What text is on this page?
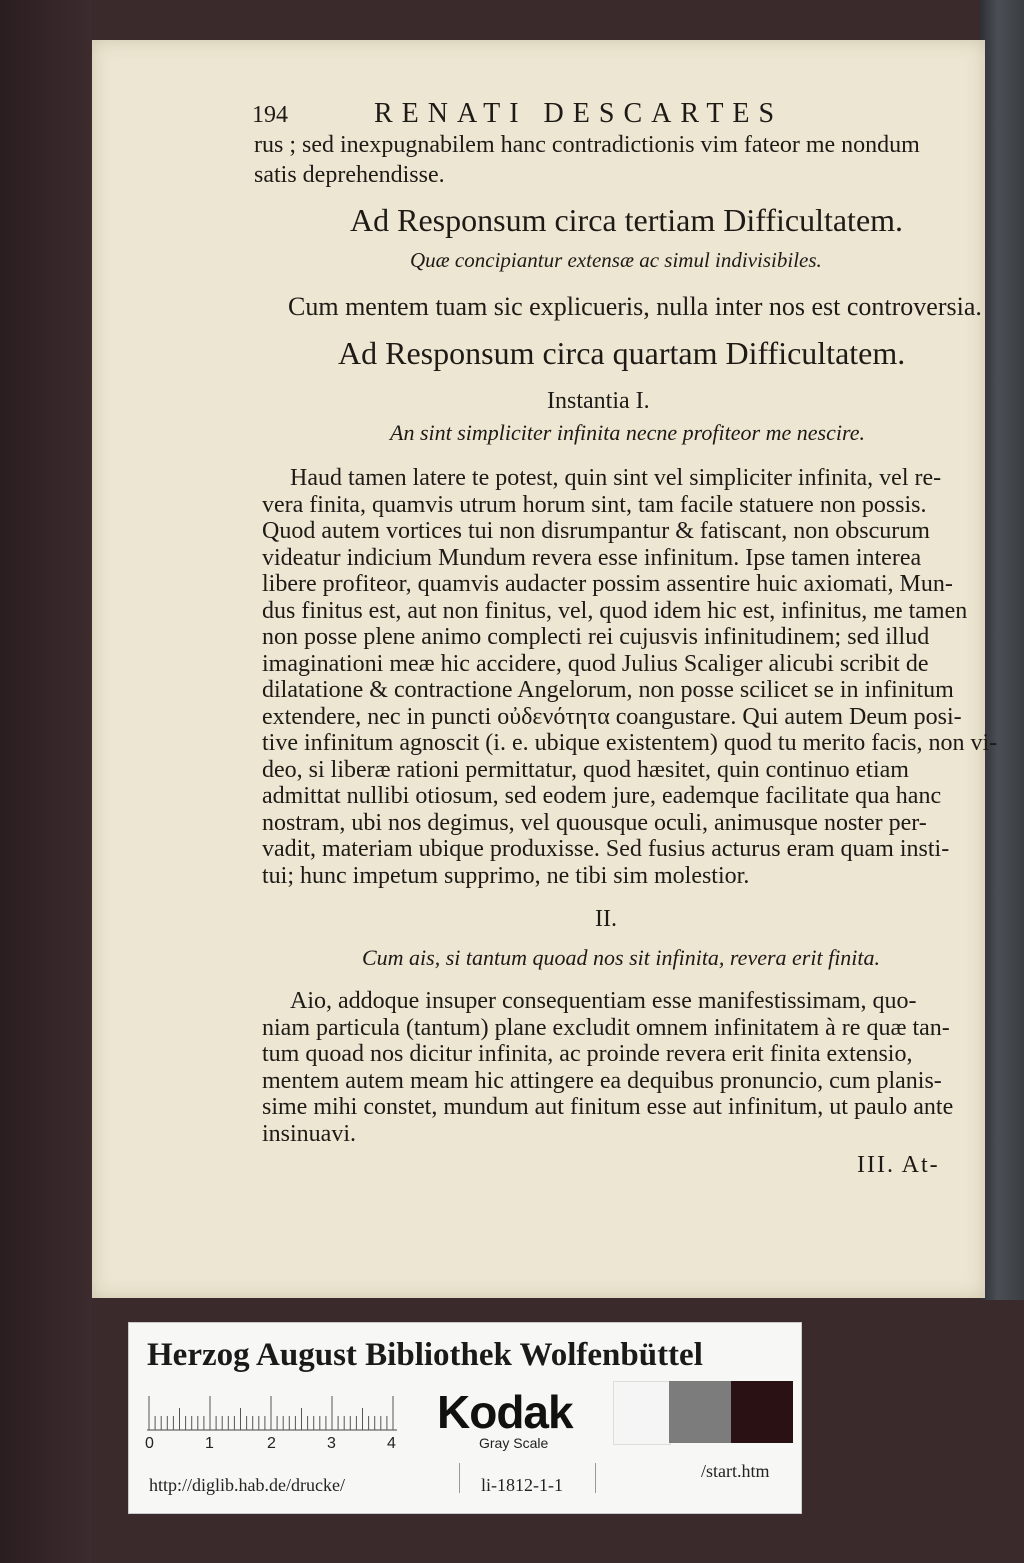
194	RENATI DESCARTES
rus ; sed inexpugnabilem hanc contradictionis vim fateor me nondum
satis deprehendisse.
Ad Responsum circa tertiam Difficultatem.
Quæ concipiantur extensæ ac simul indivisibiles.
Cum mentem tuam sic explicueris, nulla inter nos est controversia.
Ad Responsum circa quartam Difficultatem.
Instantia I.
An sint simpliciter infinita necne profiteor me nescire.
Haud tamen latere te potest, quin sint vel simpliciter infinita, vel re-
vera finita, quamvis utrum horum sint, tam facile statuere non possis.
Quod autem vortices tui non disrumpantur & fatiscant, non obscurum
videatur indicium Mundum revera esse infinitum. Ipse tamen interea
libere profiteor, quamvis audacter possim assentire huic axiomati, Mun-
dus finitus est, aut non finitus, vel, quod idem hic est, infinitus, me tamen
non posse plene animo complecti rei cujusvis infinitudinem; sed illud
imaginationi meæ hic accidere, quod Julius Scaliger alicubi scribit de
dilatatione & contractione Angelorum, non posse scilicet se in infinitum
extendere, nec in puncti οὐδενότητα coangustare. Qui autem Deum posi-
tive infinitum agnoscit (i. e. ubique existentem) quod tu merito facis, non vi-
deo, si liberæ rationi permittatur, quod hæsitet, quin continuo etiam
admittat nullibi otiosum, sed eodem jure, eademque facilitate qua hanc
nostram, ubi nos degimus, vel quousque oculi, animusque noster per-
vadit, materiam ubique produxisse. Sed fusius acturus eram quam insti-
tui; hunc impetum supprimo, ne tibi sim molestior.
II.
Cum ais, si tantum quoad nos sit infinita, revera erit finita.
Aio, addoque insuper consequentiam esse manifestissimam, quo-
niam particula (tantum) plane excludit omnem infinitatem à re quæ tan-
tum quoad nos dicitur infinita, ac proinde revera erit finita extensio,
mentem autem meam hic attingere ea dequibus pronuncio, cum planis-
sime mihi constet, mundum aut finitum esse aut infinitum, ut paulo ante
insinuavi.
III. At-
Herzog August Bibliothek Wolfenbüttel
0	1	2	3	4
Kodak
Gray Scale
http://diglib.hab.de/drucke/	li-1812-1-1
/start.htm
